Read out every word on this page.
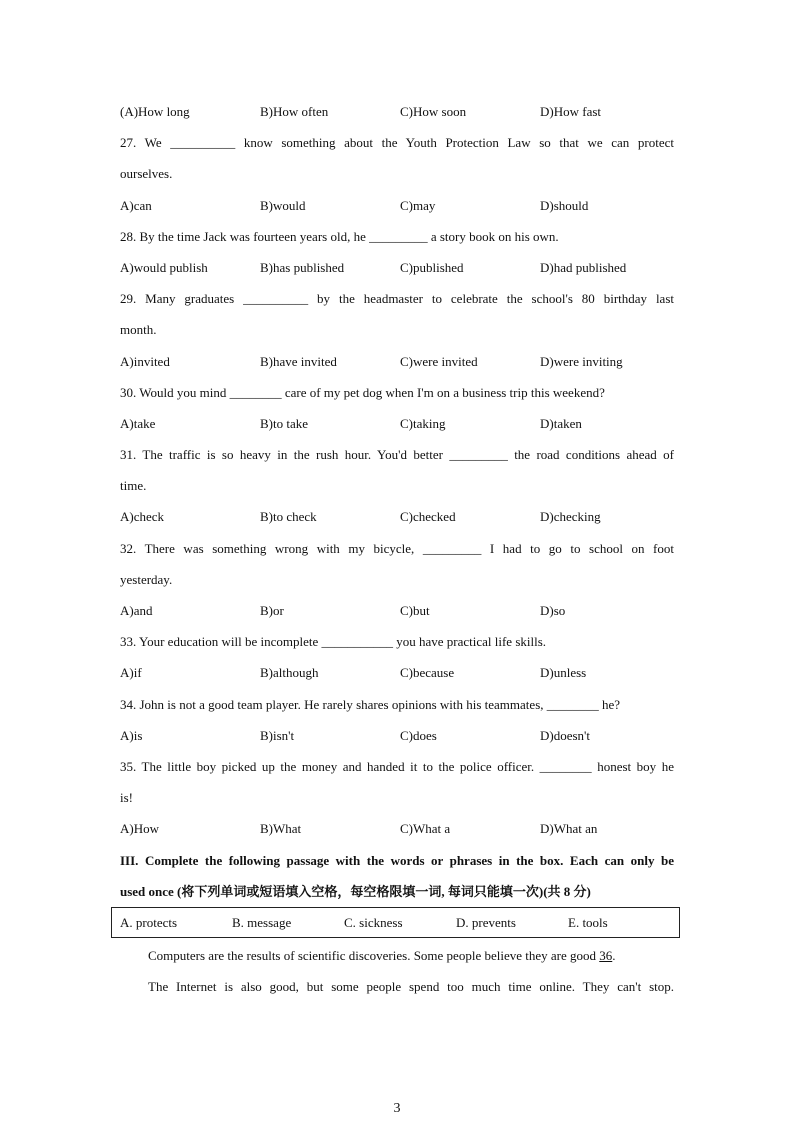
(A)How long	B)How often	C)How soon	D)How fast
27. We __________ know something about the Youth Protection Law so that we can protect
ourselves.
A)can	B)would	C)may	D)should
28. By the time Jack was fourteen years old, he _________ a story book on his own.
A)would publish	B)has published	C)published	D)had published
29. Many graduates __________ by the headmaster to celebrate the school's 80 birthday last
month.
A)invited	B)have invited	C)were invited	D)were inviting
30. Would you mind ________ care of my pet dog when I'm on a business trip this weekend?
A)take	B)to take	C)taking	D)taken
31. The traffic is so heavy in the rush hour. You'd better _________ the road conditions ahead of
time.
A)check	B)to check	C)checked	D)checking
32. There was something wrong with my bicycle, _________ I had to go to school on foot
yesterday.
A)and	B)or	C)but	D)so
33. Your education will be incomplete ___________ you have practical life skills.
A)if	B)although	C)because	D)unless
34. John is not a good team player. He rarely shares opinions with his teammates, ________ he?
A)is	B)isn't	C)does	D)doesn't
35. The little boy picked up the money and handed it to the police officer. ________ honest boy he
is!
A)How	B)What	C)What a	D)What an
III. Complete the following passage with the words or phrases in the box. Each can only be
used once (将下列单词或短语填入空格，每空格限填一词, 每词只能填一次)(共 8 分)
A. protects	B. message	C. sickness	D. prevents	E. tools
Computers are the results of scientific discoveries. Some people believe they are good 36.
The Internet is also good, but some people spend too much time online. They can't stop.
3
